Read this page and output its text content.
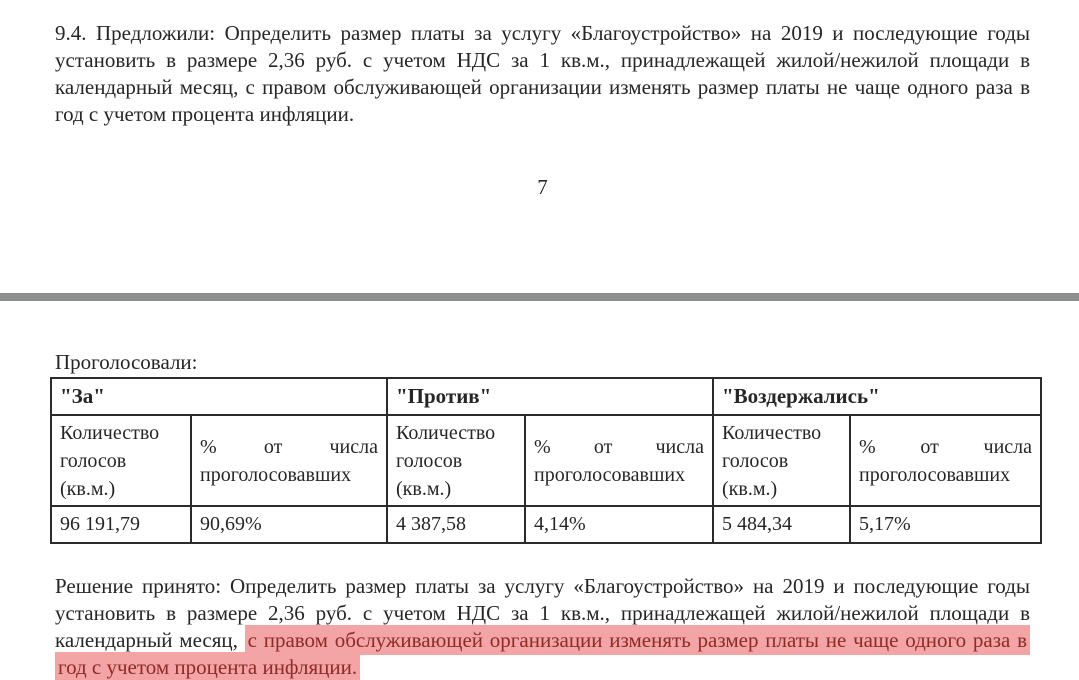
9.4. Предложили: Определить размер платы за услугу «Благоустройство» на 2019 и последующие годы установить в размере 2,36 руб. с учетом НДС за 1 кв.м., принадлежащей жилой/нежилой площади в календарный месяц, с правом обслуживающей организации изменять размер платы не чаще одного раза в год с учетом процента инфляции.

7
Проголосовали:
"За"		"Против"		"Воздержались"	
Количество голосов (кв.м.)	% от числа проголосовавших	Количество голосов (кв.м.)	% от числа проголосовавших	Количество голосов (кв.м.)	% от числа проголосовавших
96 191,79	90,69%	4 387,58	4,14%	5 484,34	5,17%

Решение принято: Определить размер платы за услугу «Благоустройство» на 2019 и последующие годы установить в размере 2,36 руб. с учетом НДС за 1 кв.м., принадлежащей жилой/нежилой площади в календарный месяц, с правом обслуживающей организации изменять размер платы не чаще одного раза в год с учетом процента инфляции.
